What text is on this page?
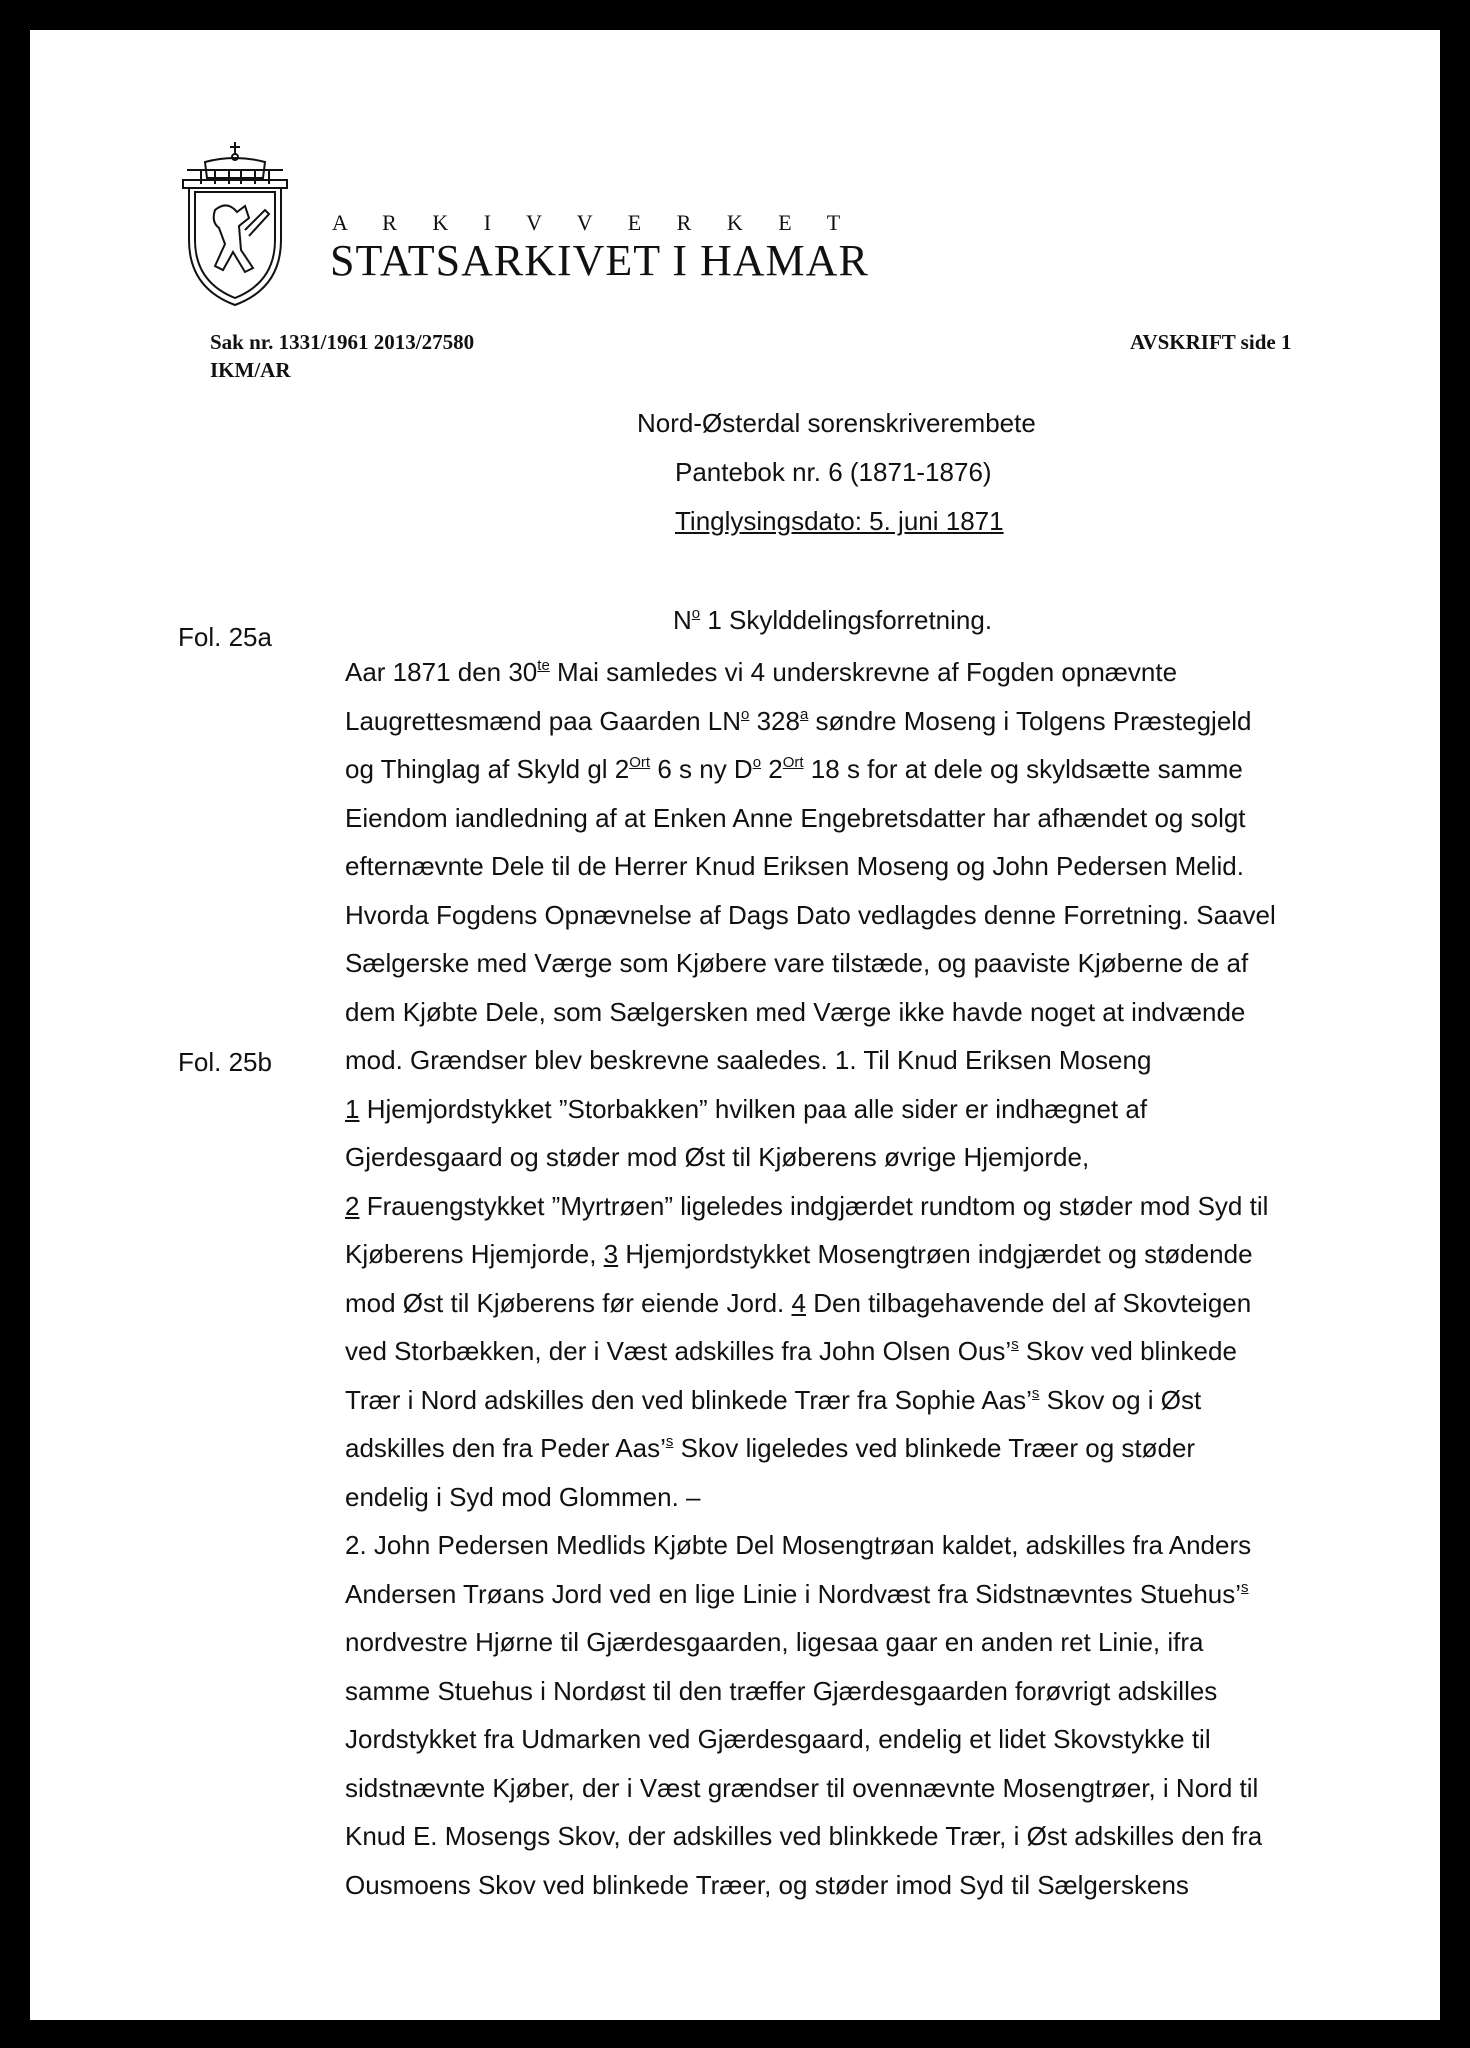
A R K I V V E R K E T
STATSARKIVET I HAMAR
Sak nr. 1331/1961 2013/27580
IKM/AR
AVSKRIFT side 1
Nord-Østerdal sorenskriverembete
Pantebok nr. 6 (1871-1876)
Tinglysingsdato: 5. juni 1871
Fol. 25a
Fol. 25b
$N^o$ 1 Skylddelingsforretning.
Aar 1871 den $30^{te}$ Mai samledes vi 4 underskrevne af Fogden opnævnte
Laugrettesmænd paa Gaarden $LN^o$ 328$^a$ søndre Moseng i Tolgens Præstegjeld
og Thinglag af Skyld gl $2^{Ort}$ 6 s ny $D^o$ $2^{Ort}$ 18 s for at dele og skyldsætte samme
Eiendom iandledning af at Enken Anne Engebretsdatter har afhændet og solgt
efternævnte Dele til de Herrer Knud Eriksen Moseng og John Pedersen Melid.
Hvorda Fogdens Opnævnelse af Dags Dato vedlagdes denne Forretning. Saavel
Sælgerske med Værge som Kjøbere vare tilstæde, og paaviste Kjøberne de af
dem Kjøbte Dele, som Sælgersken med Værge ikke havde noget at indvænde
mod. Grændser blev beskrevne saaledes. 1. Til Knud Eriksen Moseng
1 Hjemjordstykket ”Storbakken” hvilken paa alle sider er indhægnet af
Gjerdesgaard og støder mod Øst til Kjøberens øvrige Hjemjorde,
2 Frauengstykket ”Myrtrøen” ligeledes indgjærdet rundtom og støder mod Syd til
Kjøberens Hjemjorde, 3 Hjemjordstykket Mosengtrøen indgjærdet og stødende
mod Øst til Kjøberens før eiende Jord. 4 Den tilbagehavende del af Skovteigen
ved Storbækken, der i Væst adskilles fra John Olsen Ous’$^s$ Skov ved blinkede
Trær i Nord adskilles den ved blinkede Trær fra Sophie Aas’$^s$ Skov og i Øst
adskilles den fra Peder Aas’$^s$ Skov ligeledes ved blinkede Træer og støder
endelig i Syd mod Glommen. –
2. John Pedersen Medlids Kjøbte Del Mosengtrøan kaldet, adskilles fra Anders
Andersen Trøans Jord ved en lige Linie i Nordvæst fra Sidstnævntes Stuehus’$^s$
nordvestre Hjørne til Gjærdesgaarden, ligesaa gaar en anden ret Linie, ifra
samme Stuehus i Nordøst til den træffer Gjærdesgaarden forøvrigt adskilles
Jordstykket fra Udmarken ved Gjærdesgaard, endelig et lidet Skovstykke til
sidstnævnte Kjøber, der i Væst grændser til ovennævnte Mosengtrøer, i Nord til
Knud E. Mosengs Skov, der adskilles ved blinkkede Trær, i Øst adskilles den fra
Ousmoens Skov ved blinkede Træer, og støder imod Syd til Sælgerskens
